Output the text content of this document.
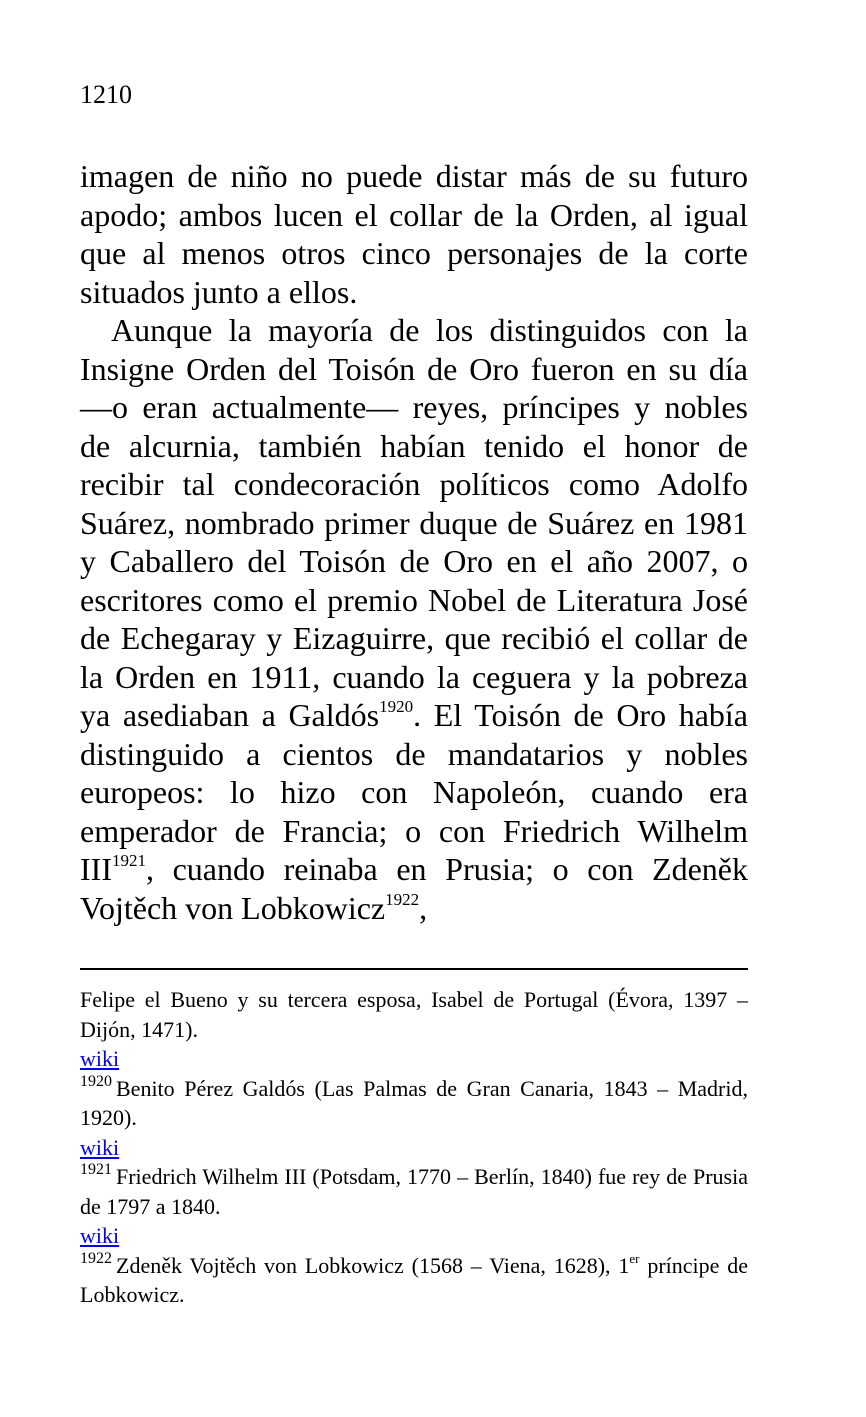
1210

imagen de niño no puede distar más de su futuro apodo; ambos lucen el collar de la Orden, al igual que al menos otros cinco personajes de la corte situados junto a ellos.

Aunque la mayoría de los distinguidos con la Insigne Orden del Toisón de Oro fueron en su día —o eran actualmente— reyes, príncipes y nobles de alcurnia, también habían tenido el honor de recibir tal condecoración políticos como Adolfo Suárez, nombrado primer duque de Suárez en 1981 y Caballero del Toisón de Oro en el año 2007, o escritores como el premio Nobel de Literatura José de Echegaray y Eizaguirre, que recibió el collar de la Orden en 1911, cuando la ceguera y la pobreza ya asediaban a Galdós$^{1920}$. El Toisón de Oro había distinguido a cientos de mandatarios y nobles europeos: lo hizo con Napoleón, cuando era emperador de Francia; o con Friedrich Wilhelm III$^{1921}$, cuando reinaba en Prusia; o con Zdeněk Vojtěch von Lobkowicz$^{1922}$,

Felipe el Bueno y su tercera esposa, Isabel de Portugal (Évora, 1397 – Dijón, 1471).

wiki

$^{1920}$ Benito Pérez Galdós (Las Palmas de Gran Canaria, 1843 – Madrid, 1920).

wiki

$^{1921}$ Friedrich Wilhelm III (Potsdam, 1770 – Berlín, 1840) fue rey de Prusia de 1797 a 1840.

wiki

$^{1922}$ Zdeněk Vojtěch von Lobkowicz (1568 – Viena, 1628), 1er príncipe de Lobkowicz.
